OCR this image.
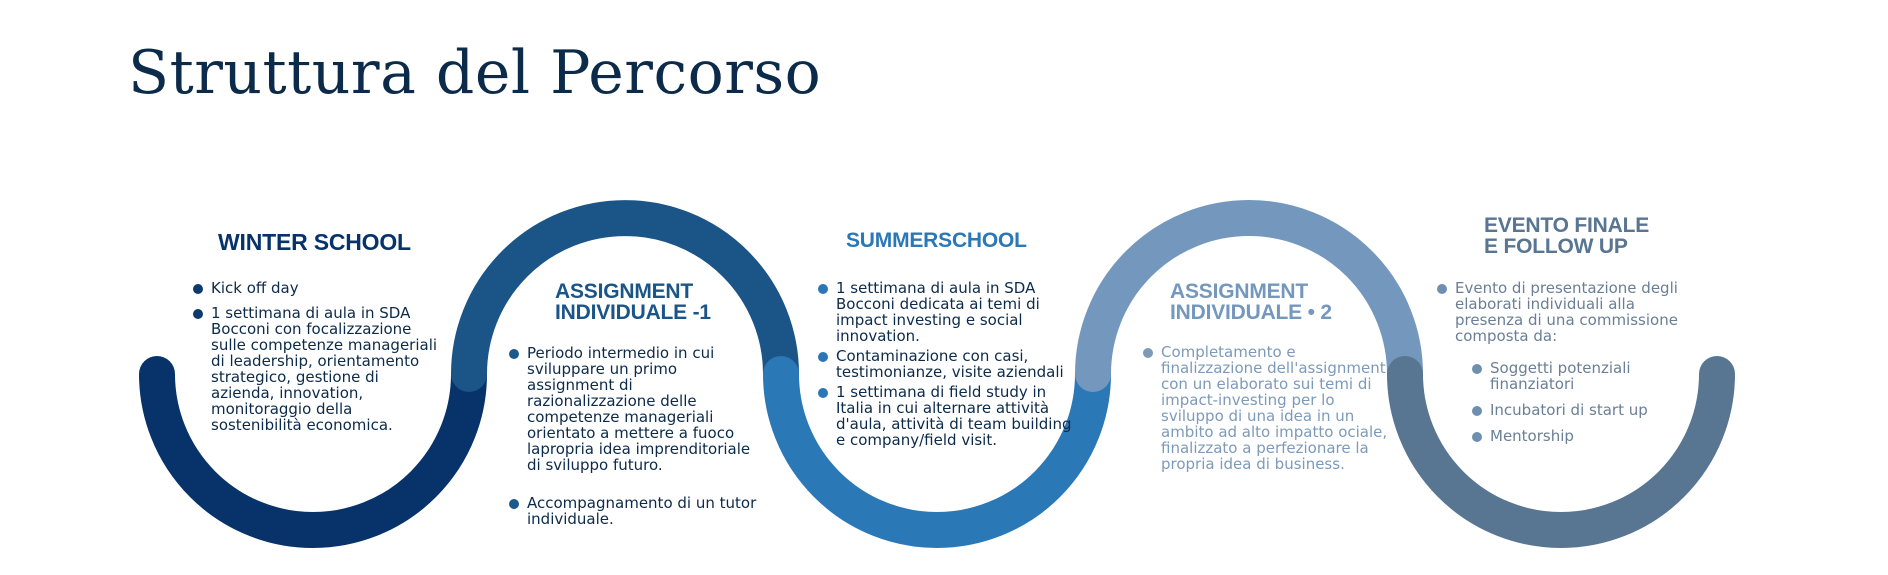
Struttura del Percorso
WINTER SCHOOL
Kick off day
1 settimana di aula in SDA Bocconi con focalizzazione sulle competenze manageriali di leadership, orientamento strategico, gestione di azienda, innovation, monitoraggio della sostenibilità economica.
ASSIGNMENT
INDIVIDUALE -1
Periodo intermedio in cui sviluppare un primo assignment di razionalizzazione delle competenze manageriali orientato a mettere a fuoco lapropria idea imprenditoriale di sviluppo futuro.
Accompagnamento di un tutor individuale.
SUMMERSCHOOL
1 settimana di aula in SDA Bocconi dedicata ai temi di impact investing e social innovation.
Contaminazione con casi, testimonianze, visite aziendali
1 settimana di field study in Italia in cui alternare attività d'aula, attività di team building e company/field visit.
ASSIGNMENT
INDIVIDUALE • 2
Completamento e finalizzazione dell'assignment con un elaborato sui temi di impact-investing per lo sviluppo di una idea in un ambito ad alto impatto ociale, finalizzato a perfezionare la propria idea di business.
EVENTO FINALE
E FOLLOW UP
Evento di presentazione degli elaborati individuali alla presenza di una commissione composta da:
Soggetti potenziali finanziatori
Incubatori di start up
Mentorship
